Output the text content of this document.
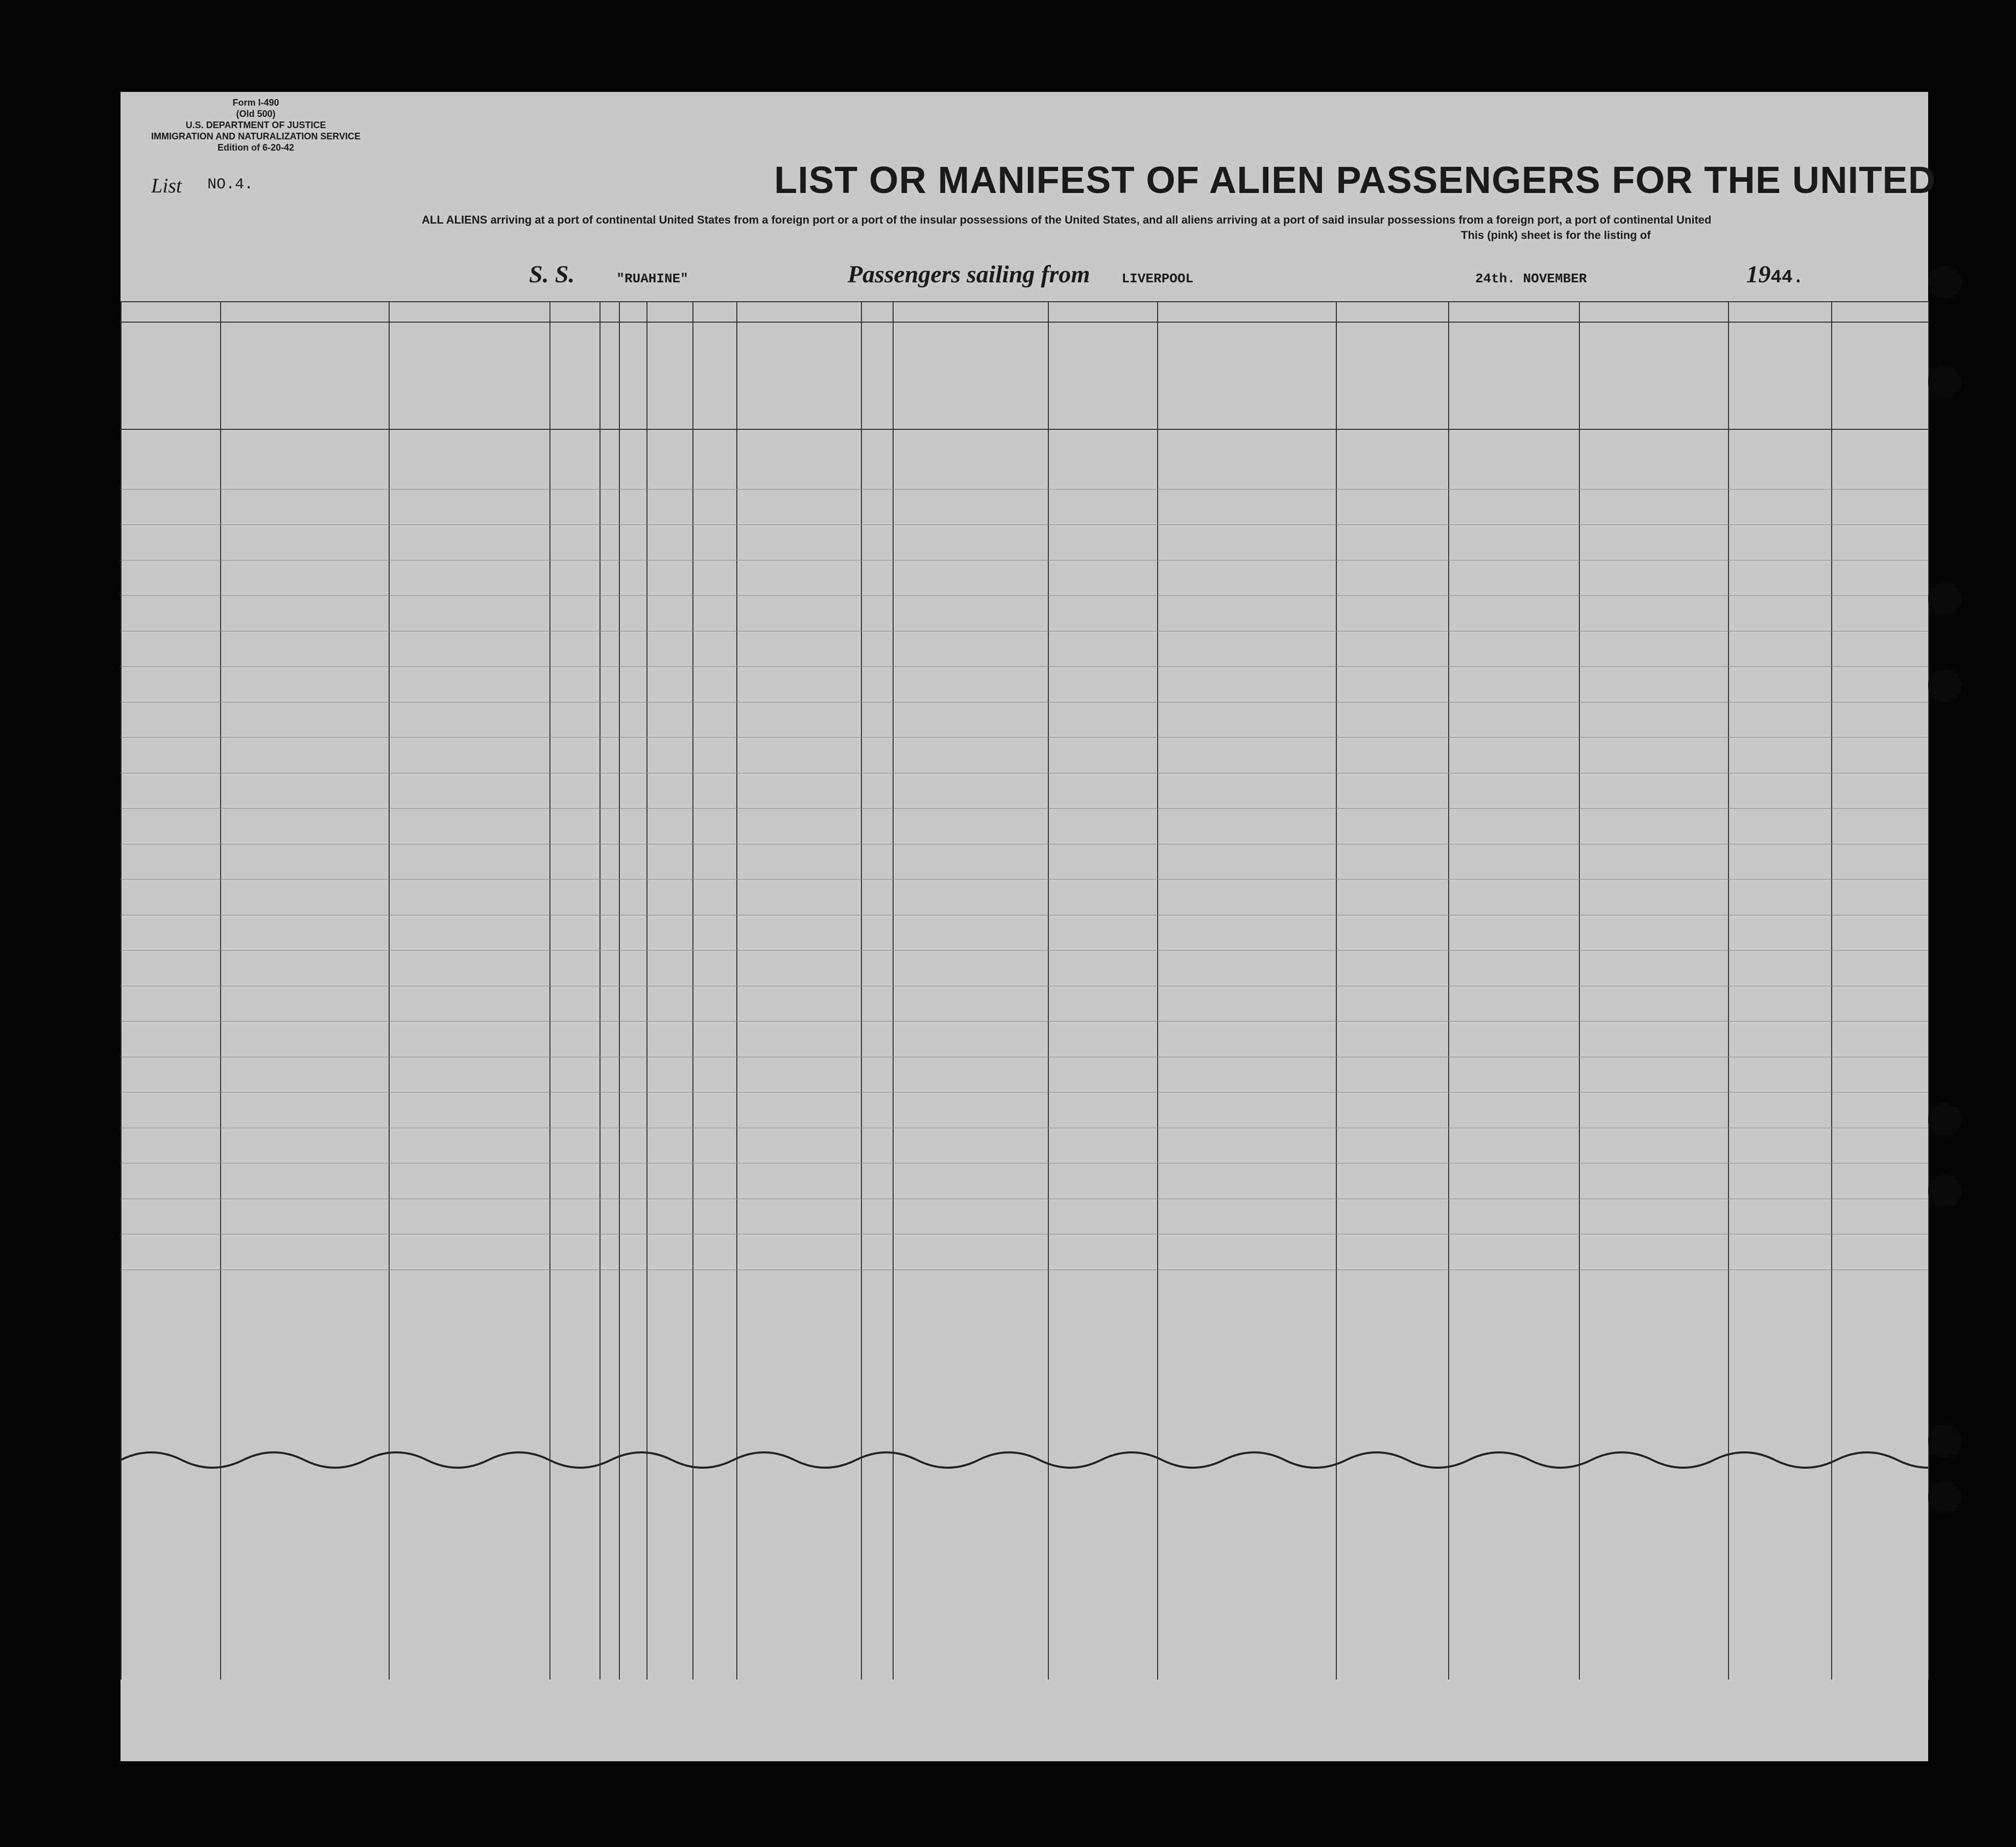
Form I-490
(Old 500)
U.S. DEPARTMENT OF JUSTICE
IMMIGRATION AND NATURALIZATION SERVICE
Edition of 6-20-42
List NO.4.	LIST OR MANIFEST OF ALIEN PASSENGERS FOR THE UNITED
ALL ALIENS arriving at a port of continental United States from a foreign port or a port of the insular possessions of the United States, and all aliens arriving at a port of said insular possessions from a foreign port, a port of continental United
This (pink) sheet is for the listing of
S. S.	"RUAHINE"	Passengers sailing from LIVERPOOL	24th. NOVEMBER	1944.
